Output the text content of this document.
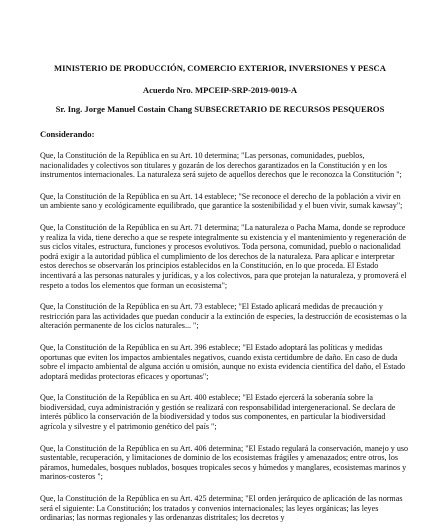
MINISTERIO DE PRODUCCIÓN, COMERCIO EXTERIOR, INVERSIONES Y PESCA
Acuerdo Nro. MPCEIP-SRP-2019-0019-A
Sr. Ing. Jorge Manuel Costain Chang SUBSECRETARIO DE RECURSOS PESQUEROS
Considerando:

Que, la Constitución de la República en su Art. 10 determina; "Las personas, comunidades, pueblos, nacionalidades y colectivos son titulares y gozarán de los derechos garantizados en la Constitución y en los instrumentos internacionales. La naturaleza será sujeto de aquellos derechos que le reconozca la Constitución ";

Que, la Constitución de la República en su Art. 14 establece; "Se reconoce el derecho de la población a vivir en un ambiente sano y ecológicamente equilibrado, que garantice la sostenibilidad y el buen vivir, sumak kawsay";

Que, la Constitución de la República en su Art. 71 determina; "La naturaleza o Pacha Mama, donde se reproduce y realiza la vida, tiene derecho a que se respete integralmente su existencia y el mantenimiento y regeneración de sus ciclos vitales, estructura, funciones y procesos evolutivos. Toda persona, comunidad, pueblo o nacionalidad podrá exigir a la autoridad pública el cumplimiento de los derechos de la naturaleza. Para aplicar e interpretar estos derechos se observarán los principios establecidos en la Constitución, en lo que proceda. El Estado incentivará a las personas naturales y jurídicas, y a los colectivos, para que protejan la naturaleza, y promoverá el respeto a todos los elementos que forman un ecosistema";

Que, la Constitución de la República en su Art. 73 establece; "El Estado aplicará medidas de precaución y restricción para las actividades que puedan conducir a la extinción de especies, la destrucción de ecosistemas o la alteración permanente de los ciclos naturales... ";

Que, la Constitución de la República en su Art. 396 establece; "El Estado adoptará las políticas y medidas oportunas que eviten los impactos ambientales negativos, cuando exista certidumbre de daño. En caso de duda sobre el impacto ambiental de alguna acción u omisión, aunque no exista evidencia científica del daño, el Estado adoptará medidas protectoras eficaces y oportunas";

Que, la Constitución de la República en su Art. 400 establece; "El Estado ejercerá la soberanía sobre la biodiversidad, cuya administración y gestión se realizará con responsabilidad intergeneracional. Se declara de interés público la conservación de la biodiversidad y todos sus componentes, en particular la biodiversidad agrícola y silvestre y el patrimonio genético del país ";

Que, la Constitución de la República en su Art. 406 determina; "El Estado regulará la conservación, manejo y uso sustentable, recuperación, y limitaciones de dominio de los ecosistemas frágiles y amenazados; entre otros, los páramos, humedales, bosques nublados, bosques tropicales secos y húmedos y manglares, ecosistemas marinos y marinos-costeros ";

Que, la Constitución de la República en su Art. 425 determina; "El orden jerárquico de aplicación de las normas será el siguiente: La Constitución; los tratados y convenios internacionales; las leyes orgánicas; las leyes ordinarias; las normas regionales y las ordenanzas distritales; los decretos y
